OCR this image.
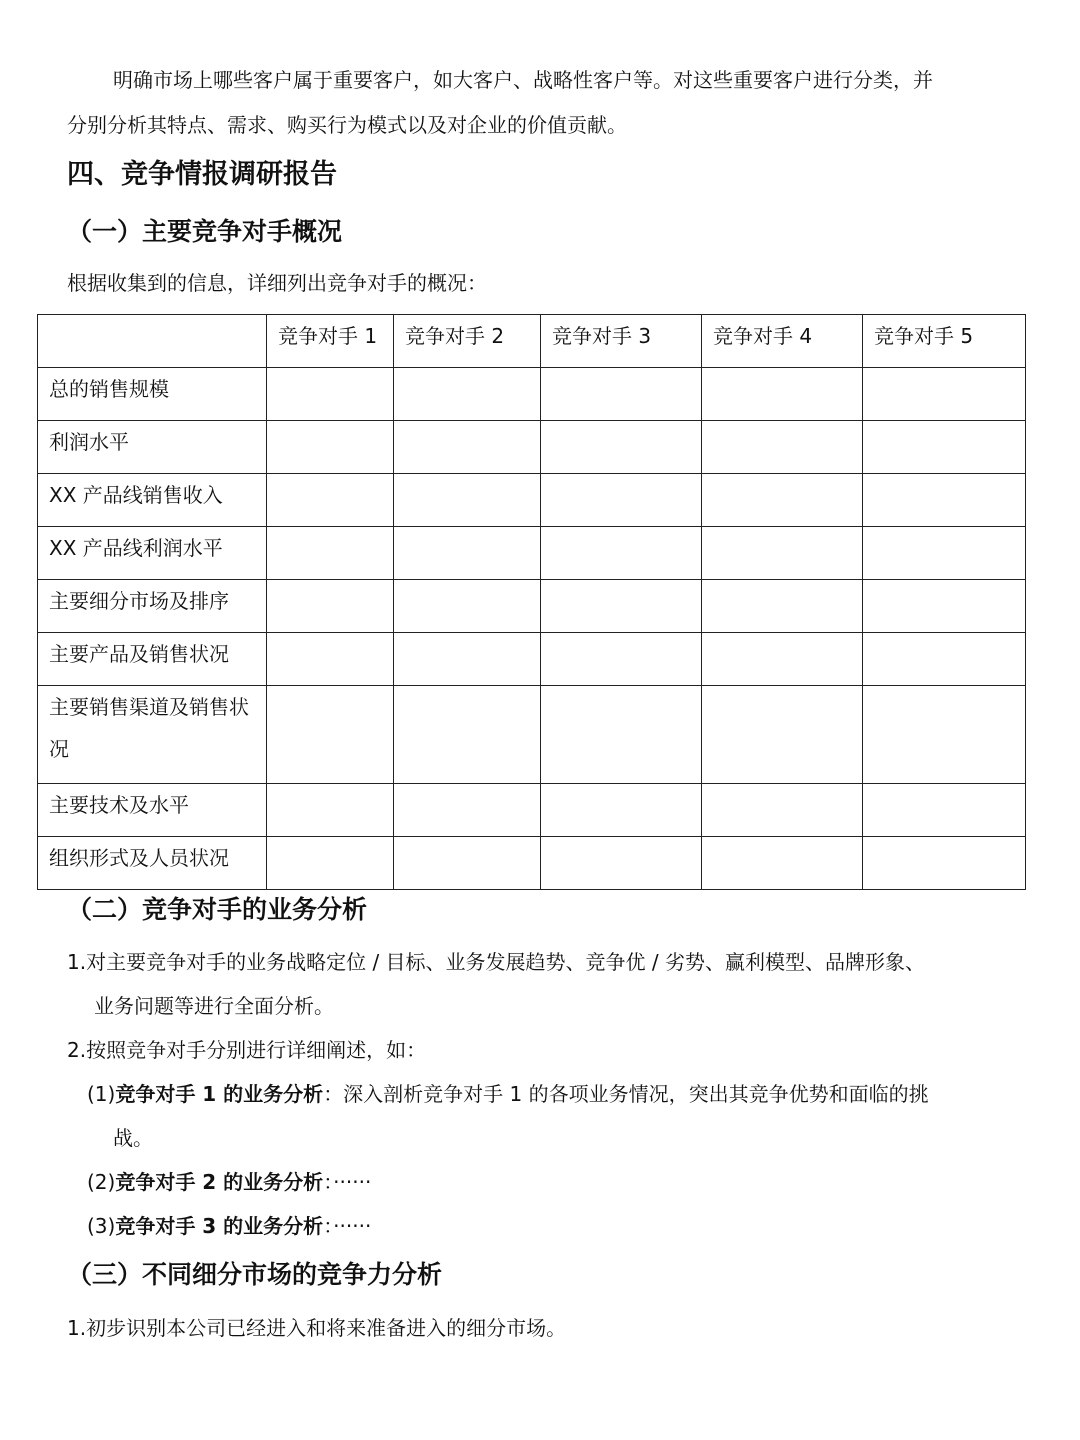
明确市场上哪些客户属于重要客户，如大客户、战略性客户等。对这些重要客户进行分类，并
分别分析其特点、需求、购买行为模式以及对企业的价值贡献。
四、竞争情报调研报告
（一）主要竞争对手概况
根据收集到的信息，详细列出竞争对手的概况：
	竞争对手 1	竞争对手 2	竞争对手 3	竞争对手 4	竞争对手 5
总的销售规模					
利润水平					
XX 产品线销售收入					
XX 产品线利润水平					
主要细分市场及排序					
主要产品及销售状况					
主要销售渠道及销售状况					
主要技术及水平					
组织形式及人员状况					
（二）竞争对手的业务分析
1.对主要竞争对手的业务战略定位 / 目标、业务发展趋势、竞争优 / 劣势、赢利模型、品牌形象、
业务问题等进行全面分析。
2.按照竞争对手分别进行详细阐述，如：
(1)竞争对手 1 的业务分析：深入剖析竞争对手 1 的各项业务情况，突出其竞争优势和面临的挑
战。
(2)竞争对手 2 的业务分析：······
(3)竞争对手 3 的业务分析：······
（三）不同细分市场的竞争力分析
1.初步识别本公司已经进入和将来准备进入的细分市场。
